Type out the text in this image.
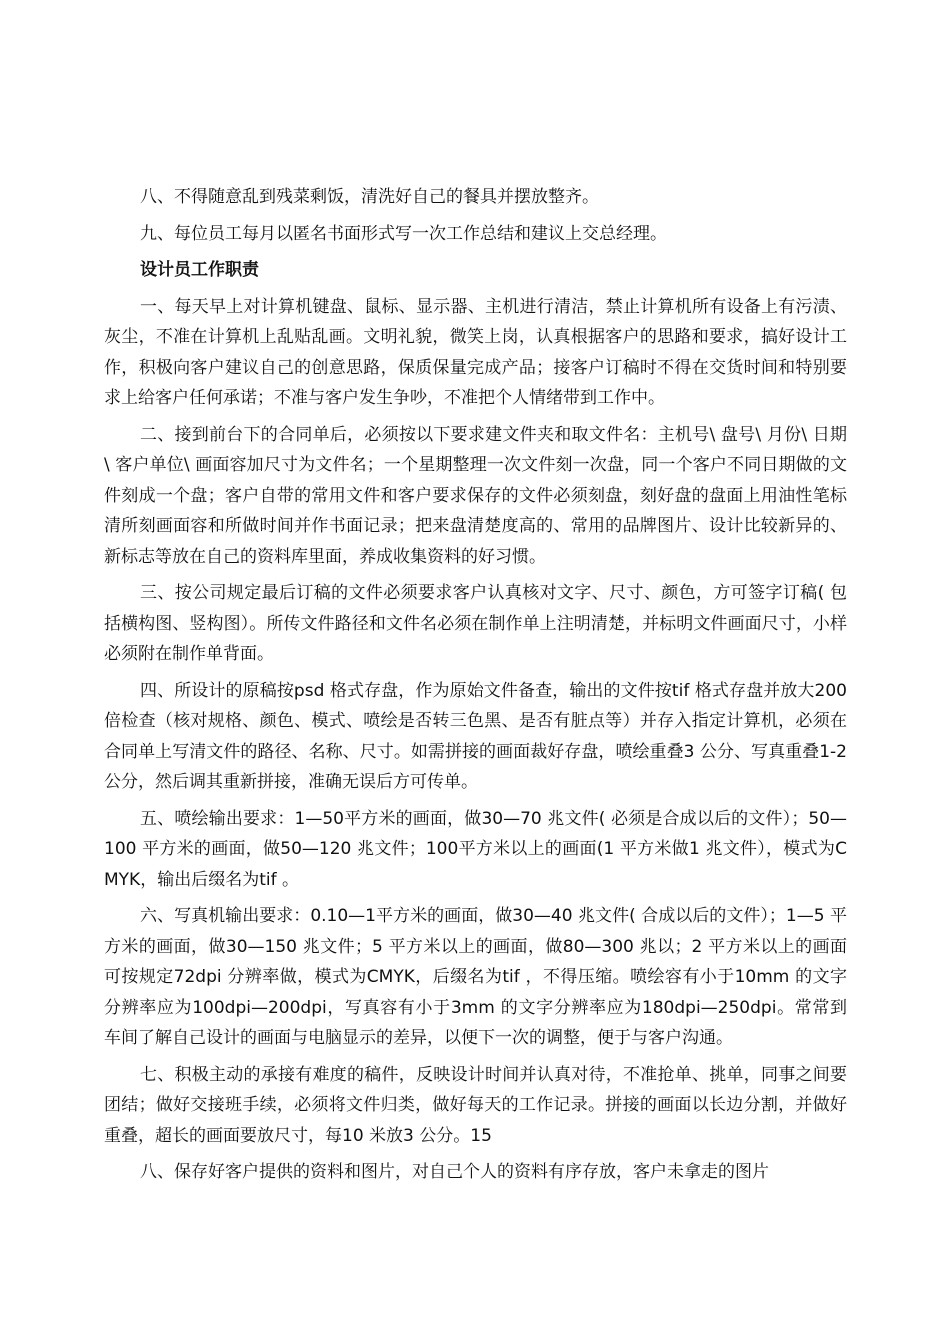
八、不得随意乱到残菜剩饭，清洗好自己的餐具并摆放整齐。

九、每位员工每月以匿名书面形式写一次工作总结和建议上交总经理。

设计员工作职责

一、每天早上对计算机键盘、鼠标、显示器、主机进行清洁，禁止计算机所有设备上有污渍、灰尘，不准在计算机上乱贴乱画。文明礼貌，微笑上岗，认真根据客户的思路和要求，搞好设计工作，积极向客户建议自己的创意思路，保质保量完成产品；接客户订稿时不得在交货时间和特别要求上给客户任何承诺；不准与客户发生争吵，不准把个人情绪带到工作中。

二、接到前台下的合同单后，必须按以下要求建文件夹和取文件名：主机号\ 盘号\ 月份\ 日期 \ 客户单位\ 画面容加尺寸为文件名；一个星期整理一次文件刻一次盘，同一个客户不同日期做的文件刻成一个盘；客户自带的常用文件和客户要求保存的文件必须刻盘，刻好盘的盘面上用油性笔标清所刻画面容和所做时间并作书面记录；把来盘清楚度高的、常用的品牌图片、设计比较新异的、新标志等放在自己的资料库里面，养成收集资料的好习惯。

三、按公司规定最后订稿的文件必须要求客户认真核对文字、尺寸、颜色，方可签字订稿( 包括横构图、竖构图）。所传文件路径和文件名必须在制作单上注明清楚，并标明文件画面尺寸，小样必须附在制作单背面。

四、所设计的原稿按psd 格式存盘，作为原始文件备查，输出的文件按tif 格式存盘并放大200倍检查（核对规格、颜色、模式、喷绘是否转三色黑、是否有脏点等）并存入指定计算机，必须在合同单上写清文件的路径、名称、尺寸。如需拼接的画面裁好存盘，喷绘重叠3 公分、写真重叠1-2 公分，然后调其重新拼接，准确无误后方可传单。

五、喷绘输出要求：1—50平方米的画面，做30—70 兆文件( 必须是合成以后的文件）；50—100 平方米的画面，做50—120 兆文件；100平方米以上的画面(1 平方米做1 兆文件），模式为CMYK，输出后缀名为tif 。

六、写真机输出要求：0.10—1平方米的画面，做30—40 兆文件( 合成以后的文件）；1—5 平方米的画面，做30—150 兆文件；5 平方米以上的画面，做80—300 兆以；2 平方米以上的画面可按规定72dpi 分辨率做，模式为CMYK，后缀名为tif ，不得压缩。喷绘容有小于10mm 的文字分辨率应为100dpi—200dpi，写真容有小于3mm 的文字分辨率应为180dpi—250dpi。常常到车间了解自己设计的画面与电脑显示的差异，以便下一次的调整，便于与客户沟通。

七、积极主动的承接有难度的稿件，反映设计时间并认真对待，不准抢单、挑单，同事之间要团结；做好交接班手续，必须将文件归类，做好每天的工作记录。拼接的画面以长边分割，并做好重叠，超长的画面要放尺寸，每10 米放3 公分。15

八、保存好客户提供的资料和图片，对自己个人的资料有序存放，客户未拿走的图片
